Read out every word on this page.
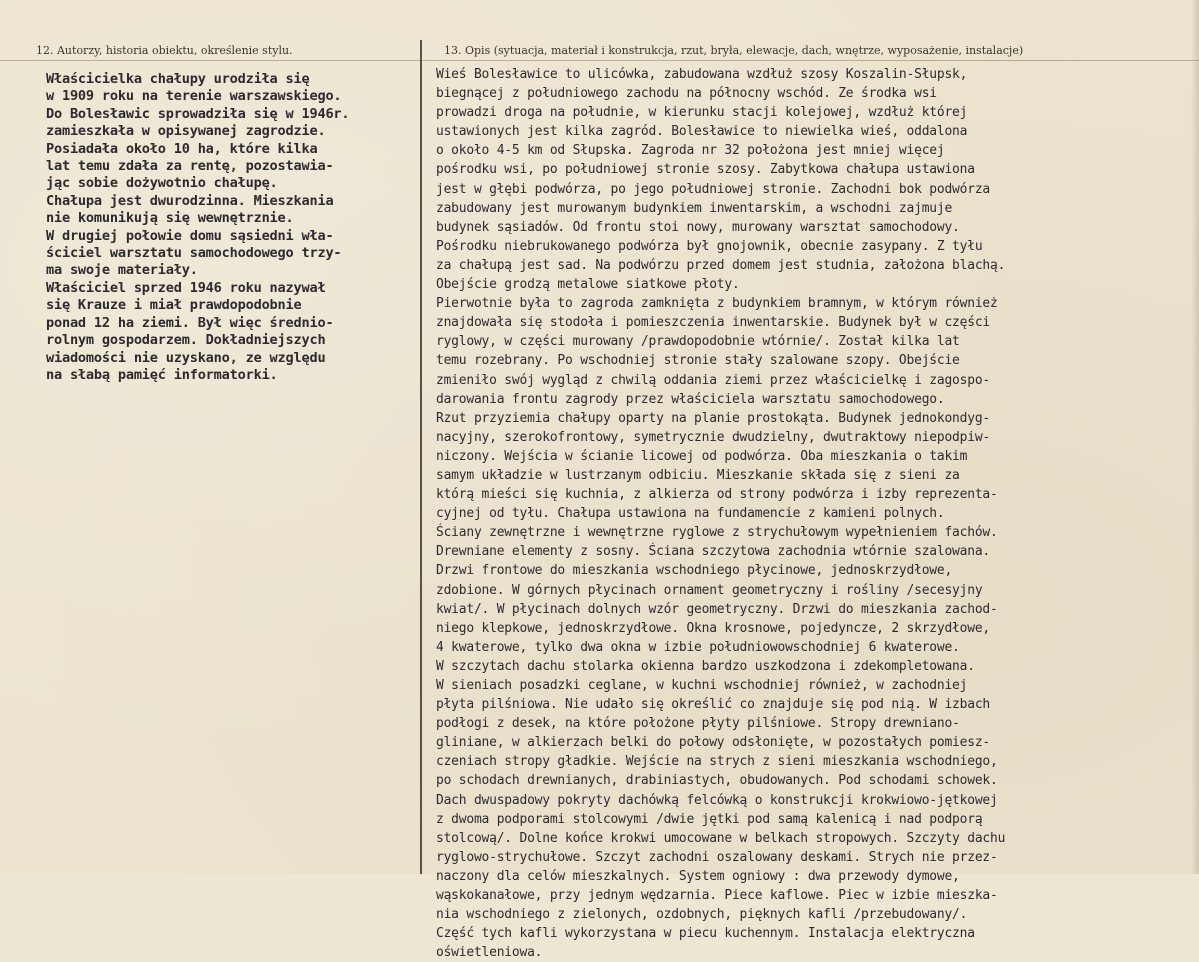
12. Autorzy, historia obiektu, określenie stylu.	13. Opis (sytuacja, materiał i konstrukcja, rzut, bryła, elewacje, dach, wnętrze, wyposażenie, instalacje)
Właścicielka chałupy urodziła się
w 1909 roku na terenie warszawskiego.
Do Bolesławic sprowadziła się w 1946r.
zamieszkała w opisywanej zagrodzie.
Posiadała około 10 ha, które kilka
lat temu zdała za rentę, pozostawia-
jąc sobie dożywotnio chałupę.
Chałupa jest dwurodzinna. Mieszkania
nie komunikują się wewnętrznie.
W drugiej połowie domu sąsiedni wła-
ściciel warsztatu samochodowego trzy-
ma swoje materiały.
Właściciel sprzed 1946 roku nazywał
się Krauze i miał prawdopodobnie
ponad 12 ha ziemi. Był więc średnio-
rolnym gospodarzem. Dokładniejszych
wiadomości nie uzyskano, ze względu
na słabą pamięć informatorki.
Wieś Bolesławice to ulicówka, zabudowana wzdłuż szosy Koszalin-Słupsk,
biegnącej z południowego zachodu na północny wschód. Ze środka wsi
prowadzi droga na południe, w kierunku stacji kolejowej, wzdłuż której
ustawionych jest kilka zagród. Bolesławice to niewielka wieś, oddalona
o około 4-5 km od Słupska. Zagroda nr 32 położona jest mniej więcej
pośrodku wsi, po południowej stronie szosy. Zabytkowa chałupa ustawiona
jest w głębi podwórza, po jego południowej stronie. Zachodni bok podwórza
zabudowany jest murowanym budynkiem inwentarskim, a wschodni zajmuje
budynek sąsiadów. Od frontu stoi nowy, murowany warsztat samochodowy.
Pośrodku niebrukowanego podwórza był gnojownik, obecnie zasypany. Z tyłu
za chałupą jest sad. Na podwórzu przed domem jest studnia, założona blachą.
Obejście grodzą metalowe siatkowe płoty.
Pierwotnie była to zagroda zamknięta z budynkiem bramnym, w którym również
znajdowała się stodoła i pomieszczenia inwentarskie. Budynek był w części
ryglowy, w części murowany /prawdopodobnie wtórnie/. Został kilka lat
temu rozebrany. Po wschodniej stronie stały szalowane szopy. Obejście
zmieniło swój wygląd z chwilą oddania ziemi przez właścicielkę i zagospo-
darowania frontu zagrody przez właściciela warsztatu samochodowego.
Rzut przyziemia chałupy oparty na planie prostokąta. Budynek jednokondyg-
nacyjny, szerokofrontowy, symetrycznie dwudzielny, dwutraktowy niepodpiw-
niczony. Wejścia w ścianie licowej od podwórza. Oba mieszkania o takim
samym układzie w lustrzanym odbiciu. Mieszkanie składa się z sieni za
którą mieści się kuchnia, z alkierza od strony podwórza i izby reprezenta-
cyjnej od tyłu. Chałupa ustawiona na fundamencie z kamieni polnych.
Ściany zewnętrzne i wewnętrzne ryglowe z strychułowym wypełnieniem fachów.
Drewniane elementy z sosny. Ściana szczytowa zachodnia wtórnie szalowana.
Drzwi frontowe do mieszkania wschodniego płycinowe, jednoskrzydłowe,
zdobione. W górnych płycinach ornament geometryczny i rośliny /secesyjny
kwiat/. W płycinach dolnych wzór geometryczny. Drzwi do mieszkania zachod-
niego klepkowe, jednoskrzydłowe. Okna krosnowe, pojedyncze, 2 skrzydłowe,
4 kwaterowe, tylko dwa okna w izbie południowowschodniej 6 kwaterowe.
W szczytach dachu stolarka okienna bardzo uszkodzona i zdekompletowana.
W sieniach posadzki ceglane, w kuchni wschodniej również, w zachodniej
płyta pilśniowa. Nie udało się określić co znajduje się pod nią. W izbach
podłogi z desek, na które położone płyty pilśniowe. Stropy drewniano-
gliniane, w alkierzach belki do połowy odsłonięte, w pozostałych pomiesz-
czeniach stropy gładkie. Wejście na strych z sieni mieszkania wschodniego,
po schodach drewnianych, drabiniastych, obudowanych. Pod schodami schowek.
Dach dwuspadowy pokryty dachówką felcówką o konstrukcji krokwiowo-jętkowej
z dwoma podporami stolcowymi /dwie jętki pod samą kalenicą i nad podporą
stolcową/. Dolne końce krokwi umocowane w belkach stropowych. Szczyty dachu
ryglowo-strychułowe. Szczyt zachodni oszalowany deskami. Strych nie przez-
naczony dla celów mieszkalnych. System ogniowy : dwa przewody dymowe,
wąskokanałowe, przy jednym wędzarnia. Piece kaflowe. Piec w izbie mieszka-
nia wschodniego z zielonych, ozdobnych, pięknych kafli /przebudowany/.
Część tych kafli wykorzystana w piecu kuchennym. Instalacja elektryczna
oświetleniowa.
